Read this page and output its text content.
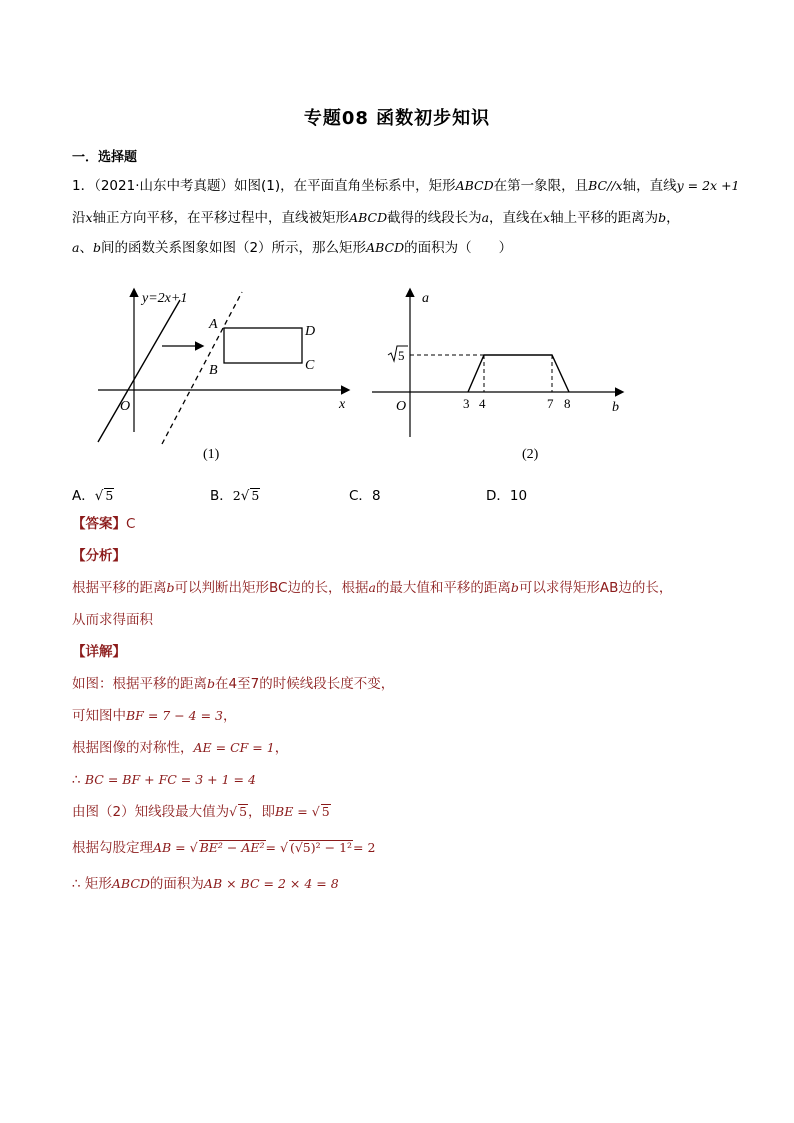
专题08 函数初步知识
一．选择题
1．（2021·山东中考真题）如图(1)，在平面直角坐标系中，矩形ABCD在第一象限，且BC//x轴，直线y = 2x +1
沿x轴正方向平移，在平移过程中，直线被矩形ABCD截得的线段长为a，直线在x轴上平移的距离为b，
a、b间的函数关系图象如图（2）所示，那么矩形ABCD的面积为（　　）
y=2x+1
A
B	C
D
O	x
(1)
a
b
O
5
3 4	7 8
(2)
A．√ 5	B．2√ 5	C．8	D．10
【答案】C
【分析】
根据平移的距离b可以判断出矩形BC边的长，根据a的最大值和平移的距离b可以求得矩形AB边的长，
从而求得面积
【详解】
如图：根据平移的距离b在4至7的时候线段长度不变，
可知图中BF = 7 − 4 = 3，
根据图像的对称性，AE = CF = 1，
∴ BC = BF + FC = 3 + 1 = 4
由图（2）知线段最大值为√ 5，即BE = √ 5
根据勾股定理AB = √ BE² − AE²= √ (√5)² − 1²= 2
∴ 矩形ABCD的面积为AB × BC = 2 × 4 = 8
